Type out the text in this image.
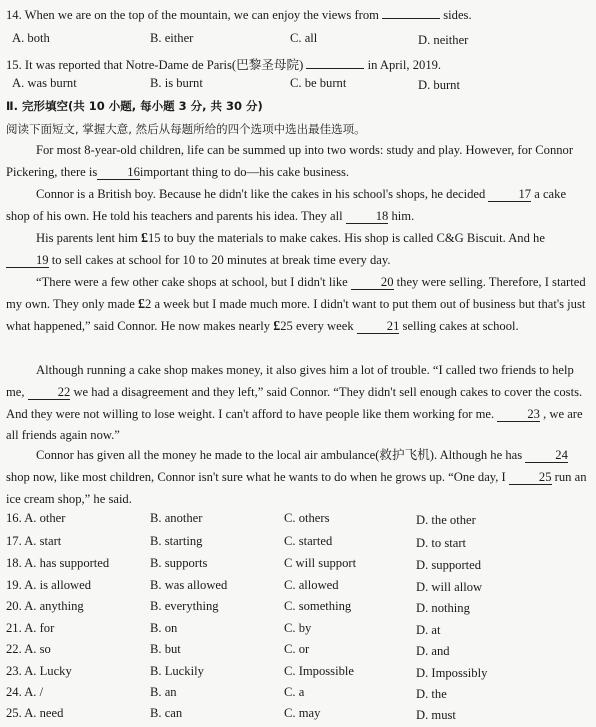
14. When we are on the top of the mountain, we can enjoy the views from	sides.
A. both	B. either	C. all	D. neither
15. It was reported that Notre-Dame de Paris(巴黎圣母院)	in April, 2019.
A. was burnt	B. is burnt	C. be burnt	D. burnt
Ⅱ. 完形填空(共 10 小题, 每小题 3 分, 共 30 分)
阅读下面短文, 掌握大意, 然后从每题所给的四个选项中选出最佳选项。
For most 8-year-old children, life can be summed up into two words: study and play. However, for Connor Pickering, there is 16important thing to do—his cake business.
Connor is a British boy. Because he didn't like the cakes in his school's shops, he decided	17 a cake shop of his own. He told his teachers and parents his idea. They all	18 him.
His parents lent him £15 to buy the materials to make cakes. His shop is called C&G Biscuit. And he 19 to sell cakes at school for 10 to 20 minutes at break time every day.
“There were a few other cake shops at school, but I didn't like	20 they were selling. Therefore, I started my own. They only made £2 a week but I made much more. I didn't want to put them out of business but that's just what happened,” said Connor. He now makes nearly £25 every week	21 selling cakes at school.
Although running a cake shop makes money, it also gives him a lot of trouble. “I called two friends to help me,	22 we had a disagreement and they left,” said Connor. “They didn't sell enough cakes to cover the costs. And they were not willing to lose weight. I can't afford to have people like them working for me.	23 , we are all friends again now.”
Connor has given all the money he made to the local air ambulance(救护飞机). Although he has	24 shop now, like most children, Connor isn't sure what he wants to do when he grows up. “One day, I	25 run an ice cream shop,” he said.
16. A. other	B. another	C. others	D. the other
17. A. start	B. starting	C. started	D. to start
18. A. has supported	B. supports	C will support	D. supported
19. A. is allowed	B. was allowed	C. allowed	D. will allow
20. A. anything	B. everything	C. something	D. nothing
21. A. for	B. on	C. by	D. at
22. A. so	B. but	C. or	D. and
23. A. Lucky	B. Luckily	C. Impossible	D. Impossibly
24. A. /	B. an	C. a	D. the
25. A. need	B. can	C. may	D. must
